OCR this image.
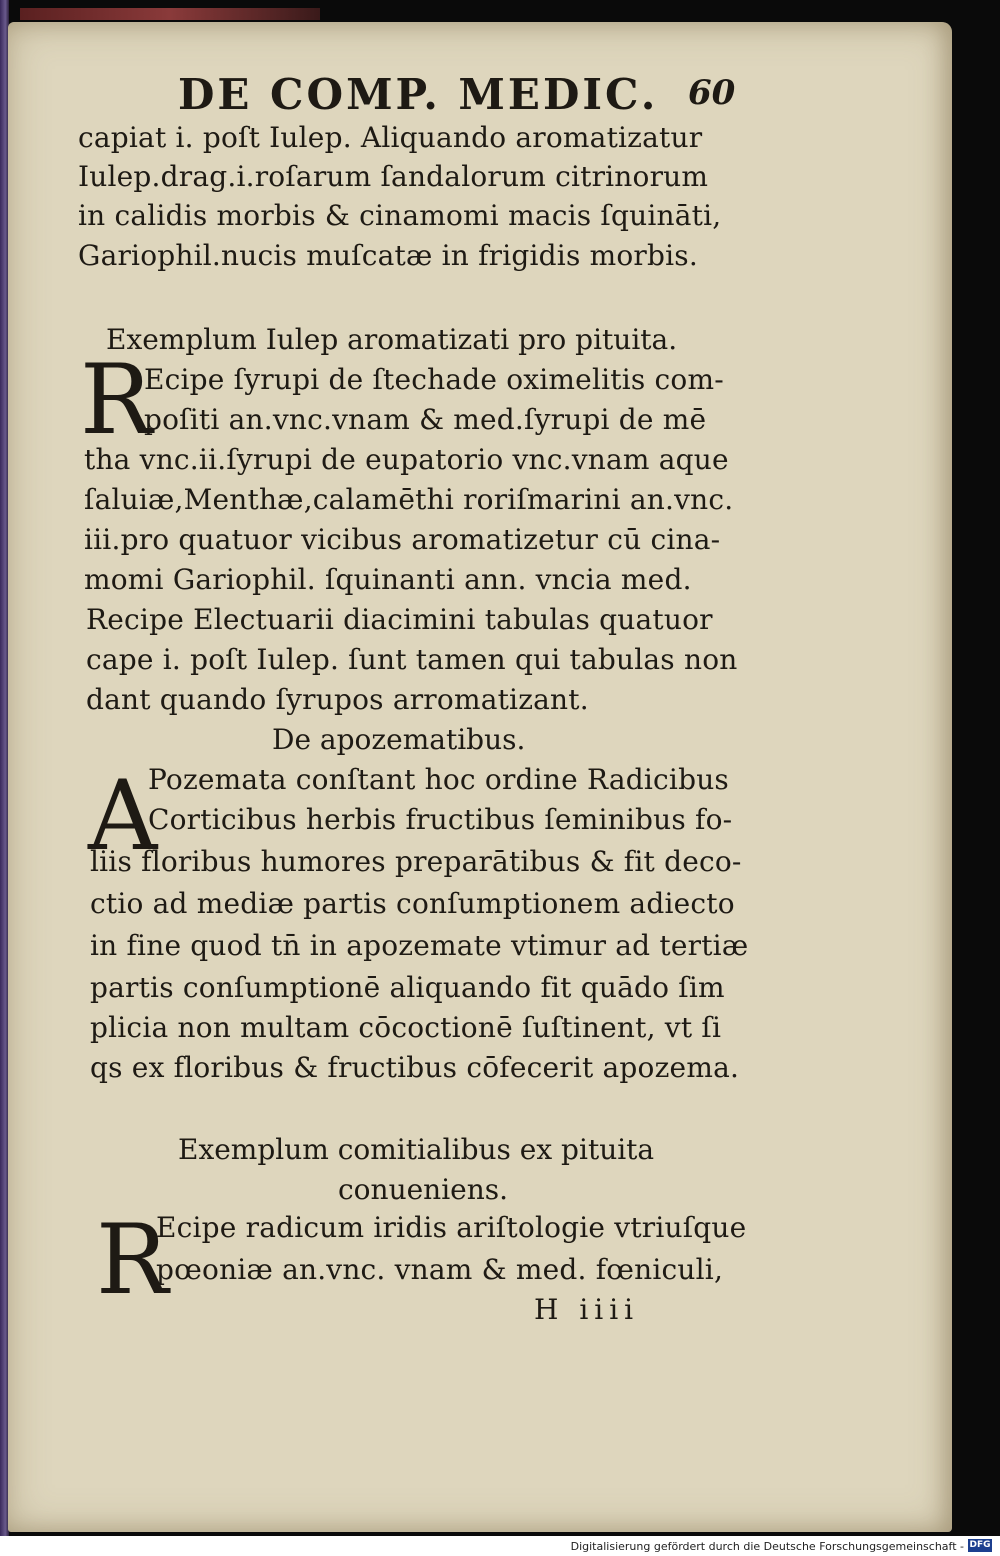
DE COMP. MEDIC. 60

capiat i. poſt Iulep. Aliquando aromatizatur

Iulep.drag.i.roſarum ſandalorum citrinorum

in calidis morbis & cinamomi macis ſquināti,

Gariophil.nucis muſcatæ in frigidis morbis.

Exemplum Iulep aromatizati pro pituita.

R

Ecipe ſyrupi de ſtechade oximelitis com-

poſiti an.vnc.vnam & med.ſyrupi de mē

tha vnc.ii.ſyrupi de eupatorio vnc.vnam aque

ſaluiæ,Menthæ,calamēthi roriſmarini an.vnc.

iii.pro quatuor vicibus aromatizetur cū cina-

momi Gariophil. ſquinanti ann. vncia med.

Recipe Electuarii diacimini tabulas quatuor

cape i. poſt Iulep. ſunt tamen qui tabulas non

dant quando ſyrupos arromatizant.

De apozematibus.

A

Pozemata conſtant hoc ordine Radicibus

Corticibus herbis fructibus ſeminibus fo-

liis floribus humores preparātibus & fit deco-

ctio ad mediæ partis conſumptionem adiecto

in fine quod tn̄ in apozemate vtimur ad tertiæ

partis conſumptionē aliquando fit quādo ſim

plicia non multam cōcoctionē ſuſtinent, vt ſi

qs ex floribus & fructibus cōfecerit apozema.

Exemplum comitialibus ex pituita

conueniens.

R

Ecipe radicum iridis ariſtologie vtriuſque

pœoniæ an.vnc. vnam & med. fœniculi,

H iiii

Digitalisierung gefördert durch die Deutsche Forschungsgemeinschaft - DFG
